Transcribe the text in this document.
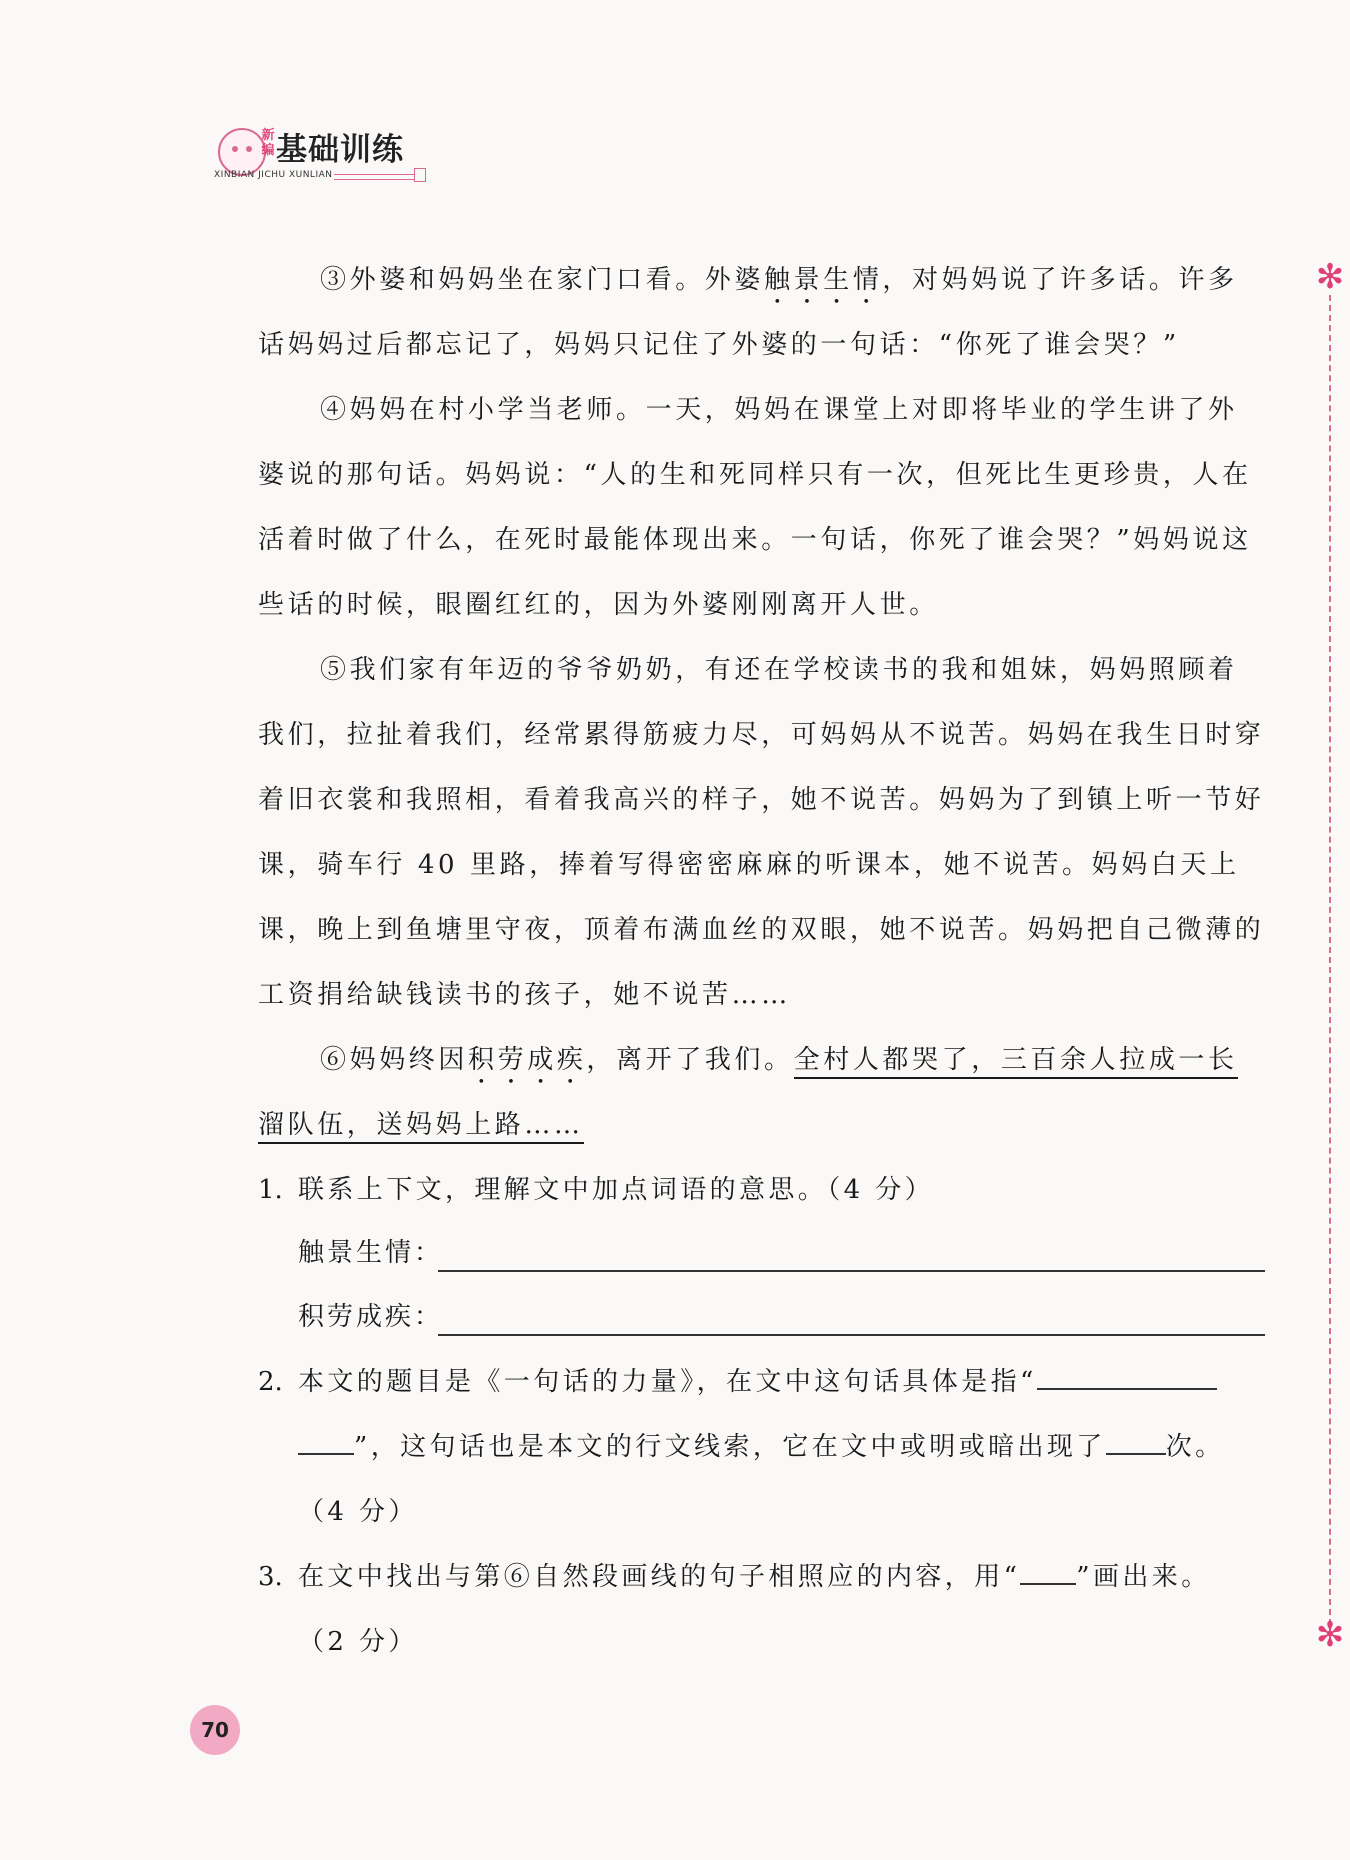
新编 基础训练
XINBIAN JICHU XUNLIAN
✻
✻

③外婆和妈妈坐在家门口看。外婆触景生情，对妈妈说了许多话。许多话妈妈过后都忘记了，妈妈只记住了外婆的一句话：“你死了谁会哭？”

④妈妈在村小学当老师。一天，妈妈在课堂上对即将毕业的学生讲了外婆说的那句话。妈妈说：“人的生和死同样只有一次，但死比生更珍贵，人在活着时做了什么，在死时最能体现出来。一句话，你死了谁会哭？”妈妈说这些话的时候，眼圈红红的，因为外婆刚刚离开人世。

⑤我们家有年迈的爷爷奶奶，有还在学校读书的我和姐妹，妈妈照顾着我们，拉扯着我们，经常累得筋疲力尽，可妈妈从不说苦。妈妈在我生日时穿着旧衣裳和我照相，看着我高兴的样子，她不说苦。妈妈为了到镇上听一节好课，骑车行 40 里路，捧着写得密密麻麻的听课本，她不说苦。妈妈白天上课，晚上到鱼塘里守夜，顶着布满血丝的双眼，她不说苦。妈妈把自己微薄的工资捐给缺钱读书的孩子，她不说苦……

⑥妈妈终因积劳成疾，离开了我们。全村人都哭了，三百余人拉成一长溜队伍，送妈妈上路……

1. 联系上下文，理解文中加点词语的意思。（4 分）

触景生情：
积劳成疾：

2. 本文的题目是《一句话的力量》，在文中这句话具体是指“
”，这句话也是本文的行文线索，它在文中或明或暗出现了 次。
（4 分）

3. 在文中找出与第⑥自然段画线的句子相照应的内容，用“ ”画出来。
（2 分）

70
